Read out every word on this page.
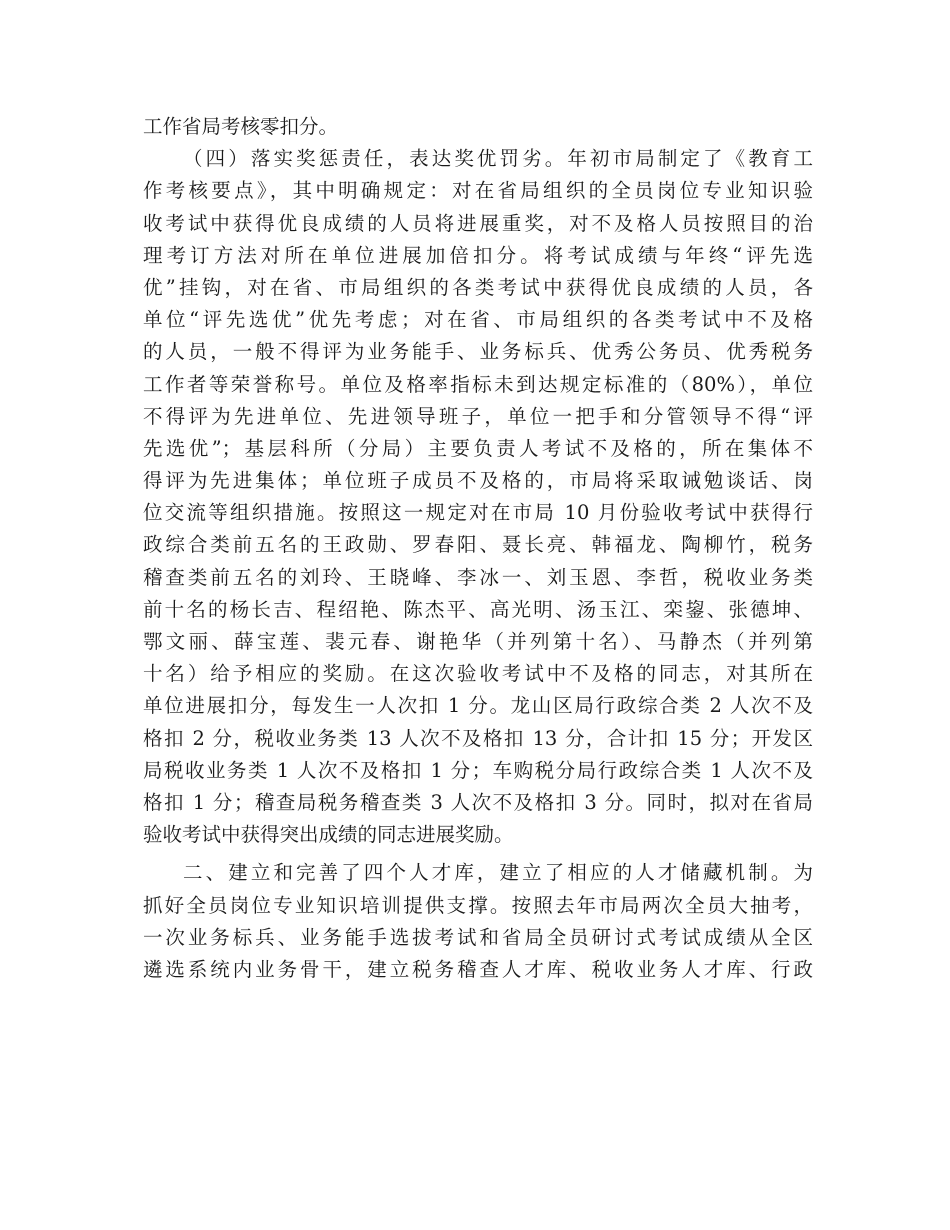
工作省局考核零扣分。
（四）落实奖惩责任，表达奖优罚劣。年初市局制定了《教育工
作考核要点》，其中明确规定：对在省局组织的全员岗位专业知识验
收考试中获得优良成绩的人员将进展重奖，对不及格人员按照目的治
理考订方法对所在单位进展加倍扣分。将考试成绩与年终“评先选
优”挂钩，对在省、市局组织的各类考试中获得优良成绩的人员，各
单位“评先选优”优先考虑；对在省、市局组织的各类考试中不及格
的人员，一般不得评为业务能手、业务标兵、优秀公务员、优秀税务
工作者等荣誉称号。单位及格率指标未到达规定标准的（80%），单位
不得评为先进单位、先进领导班子，单位一把手和分管领导不得“评
先选优”；基层科所（分局）主要负责人考试不及格的，所在集体不
得评为先进集体；单位班子成员不及格的，市局将采取诫勉谈话、岗
位交流等组织措施。按照这一规定对在市局 10 月份验收考试中获得行
政综合类前五名的王政勋、罗春阳、聂长亮、韩福龙、陶柳竹，税务
稽查类前五名的刘玲、王晓峰、李冰一、刘玉恩、李哲，税收业务类
前十名的杨长吉、程绍艳、陈杰平、高光明、汤玉江、栾鋆、张德坤、
鄂文丽、薛宝莲、裴元春、谢艳华（并列第十名）、马静杰（并列第
十名）给予相应的奖励。在这次验收考试中不及格的同志，对其所在
单位进展扣分，每发生一人次扣 1 分。龙山区局行政综合类 2 人次不及
格扣 2 分，税收业务类 13 人次不及格扣 13 分，合计扣 15 分；开发区
局税收业务类 1 人次不及格扣 1 分；车购税分局行政综合类 1 人次不及
格扣 1 分；稽查局税务稽查类 3 人次不及格扣 3 分。同时，拟对在省局
验收考试中获得突出成绩的同志进展奖励。
二、建立和完善了四个人才库，建立了相应的人才储藏机制。为
抓好全员岗位专业知识培训提供支撑。按照去年市局两次全员大抽考，
一次业务标兵、业务能手选拔考试和省局全员研讨式考试成绩从全区
遴选系统内业务骨干，建立税务稽查人才库、税收业务人才库、行政
